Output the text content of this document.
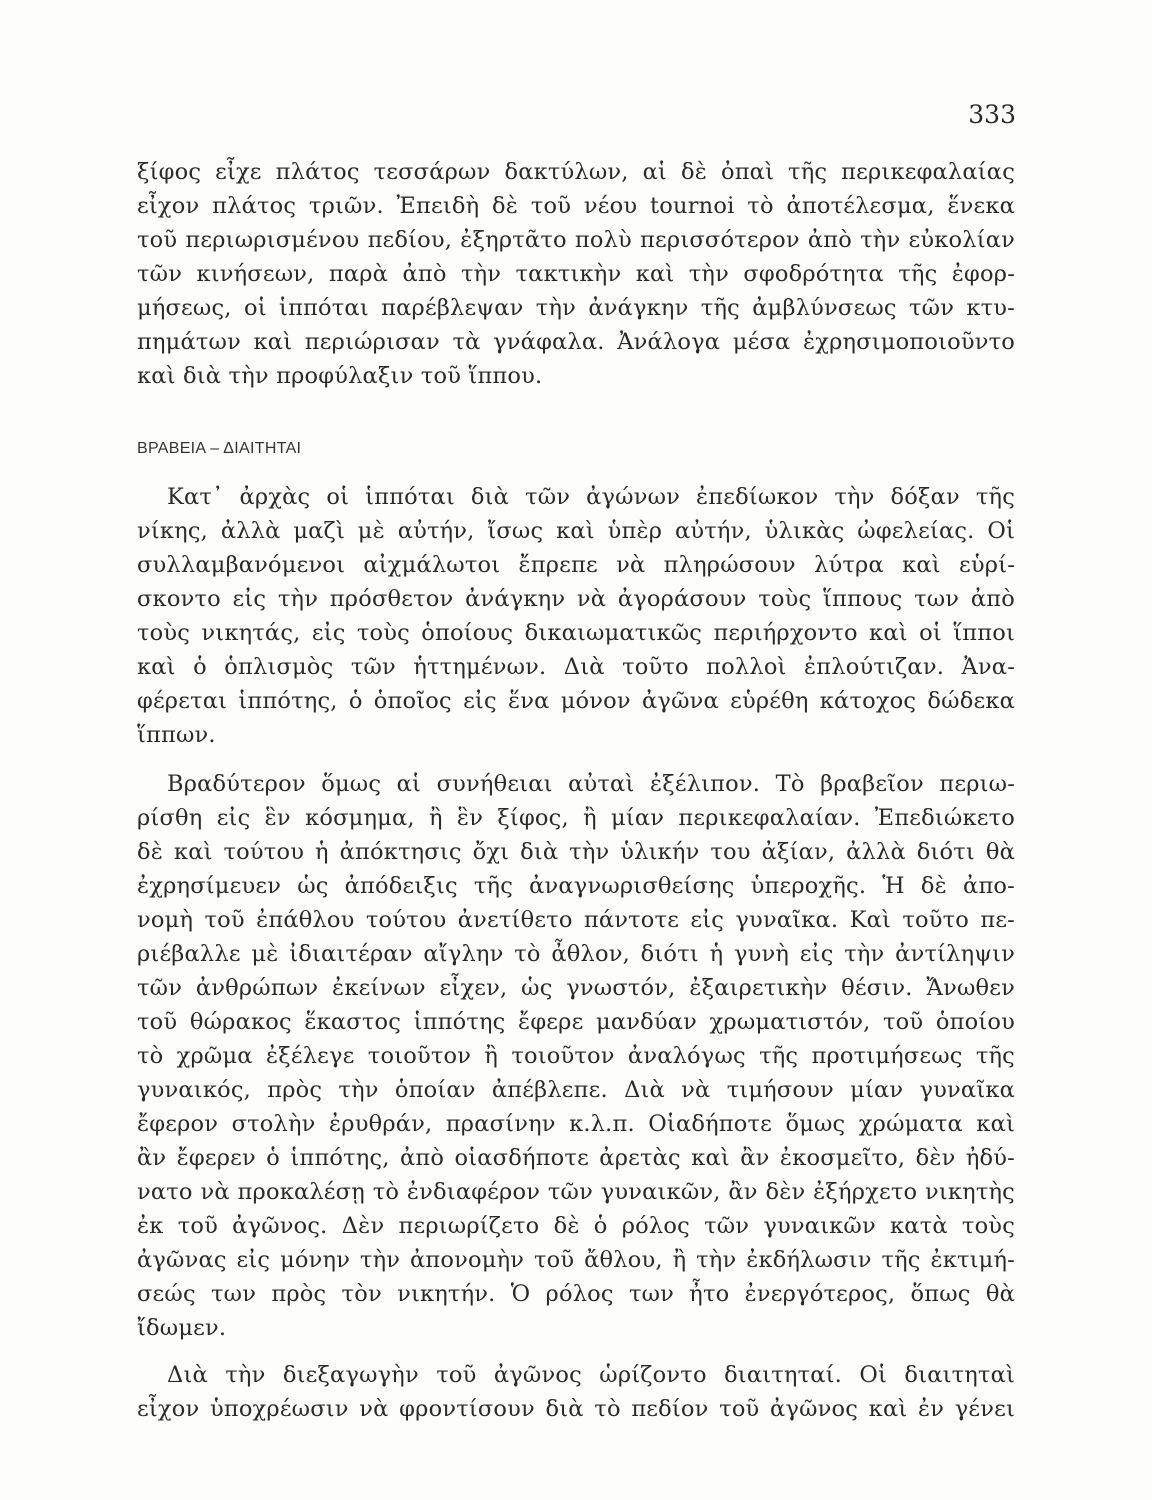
333
ξίφος εἶχε πλάτος τεσσάρων δακτύλων, αἱ δὲ ὀπαὶ τῆς περικεφαλαίας
εἶχον πλάτος τριῶν. Ἐπειδὴ δὲ τοῦ νέου tournoi τὸ ἀποτέλεσμα, ἕνεκα
τοῦ περιωρισμένου πεδίου, ἐξηρτᾶτο πολὺ περισσότερον ἀπὸ τὴν εὐκολίαν
τῶν κινήσεων, παρὰ ἀπὸ τὴν τακτικὴν καὶ τὴν σφοδρότητα τῆς ἐφορ-
μήσεως, οἱ ἱππόται παρέβλεψαν τὴν ἀνάγκην τῆς ἀμβλύνσεως τῶν κτυ-
πημάτων καὶ περιώρισαν τὰ γνάφαλα. Ἀνάλογα μέσα ἐχρησιμοποιοῦντο
καὶ διὰ τὴν προφύλαξιν τοῦ ἵππου.
ΒΡΑΒΕΙΑ – ΔΙΑΙΤΗΤΑΙ
Κατ᾽ ἀρχὰς οἱ ἱππόται διὰ τῶν ἀγώνων ἐπεδίωκον τὴν δόξαν τῆς
νίκης, ἀλλὰ μαζὶ μὲ αὐτήν, ἴσως καὶ ὑπὲρ αὐτήν, ὑλικὰς ὠφελείας. Οἱ
συλλαμβανόμενοι αἰχμάλωτοι ἔπρεπε νὰ πληρώσουν λύτρα καὶ εὑρί-
σκοντο εἰς τὴν πρόσθετον ἀνάγκην νὰ ἀγοράσουν τοὺς ἵππους των ἀπὸ
τοὺς νικητάς, εἰς τοὺς ὁποίους δικαιωματικῶς περιήρχοντο καὶ οἱ ἵπποι
καὶ ὁ ὁπλισμὸς τῶν ἡττημένων. Διὰ τοῦτο πολλοὶ ἐπλούτιζαν. Ἀνα-
φέρεται ἱππότης, ὁ ὁποῖος εἰς ἕνα μόνον ἀγῶνα εὑρέθη κάτοχος δώδεκα
ἵππων.
Βραδύτερον ὅμως αἱ συνήθειαι αὐταὶ ἐξέλιπον. Τὸ βραβεῖον περιω-
ρίσθη εἰς ἓν κόσμημα, ἢ ἓν ξίφος, ἢ μίαν περικεφαλαίαν. Ἐπεδιώκετο
δὲ καὶ τούτου ἡ ἀπόκτησις ὄχι διὰ τὴν ὑλικήν του ἀξίαν, ἀλλὰ διότι θὰ
ἐχρησίμευεν ὡς ἀπόδειξις τῆς ἀναγνωρισθείσης ὑπεροχῆς. Ἡ δὲ ἀπο-
νομὴ τοῦ ἐπάθλου τούτου ἀνετίθετο πάντοτε εἰς γυναῖκα. Καὶ τοῦτο πε-
ριέβαλλε μὲ ἰδιαιτέραν αἴγλην τὸ ἆθλον, διότι ἡ γυνὴ εἰς τὴν ἀντίληψιν
τῶν ἀνθρώπων ἐκείνων εἶχεν, ὡς γνωστόν, ἐξαιρετικὴν θέσιν. Ἄνωθεν
τοῦ θώρακος ἕκαστος ἱππότης ἔφερε μανδύαν χρωματιστόν, τοῦ ὁποίου
τὸ χρῶμα ἐξέλεγε τοιοῦτον ἢ τοιοῦτον ἀναλόγως τῆς προτιμήσεως τῆς
γυναικός, πρὸς τὴν ὁποίαν ἀπέβλεπε. Διὰ νὰ τιμήσουν μίαν γυναῖκα
ἔφερον στολὴν ἐρυθράν, πρασίνην κ.λ.π. Οἱαδήποτε ὅμως χρώματα καὶ
ἂν ἔφερεν ὁ ἱππότης, ἀπὸ οἱασδήποτε ἀρετὰς καὶ ἂν ἐκοσμεῖτο, δὲν ἠδύ-
νατο νὰ προκαλέσῃ τὸ ἐνδιαφέρον τῶν γυναικῶν, ἂν δὲν ἐξήρχετο νικητὴς
ἐκ τοῦ ἀγῶνος. Δὲν περιωρίζετο δὲ ὁ ρόλος τῶν γυναικῶν κατὰ τοὺς
ἀγῶνας εἰς μόνην τὴν ἀπονομὴν τοῦ ἄθλου, ἢ τὴν ἐκδήλωσιν τῆς ἐκτιμή-
σεώς των πρὸς τὸν νικητήν. Ὁ ρόλος των ἦτο ἐνεργότερος, ὅπως θὰ
ἴδωμεν.
Διὰ τὴν διεξαγωγὴν τοῦ ἀγῶνος ὡρίζοντο διαιτηταί. Οἱ διαιτηταὶ
εἶχον ὑποχρέωσιν νὰ φροντίσουν διὰ τὸ πεδίον τοῦ ἀγῶνος καὶ ἐν γένει
